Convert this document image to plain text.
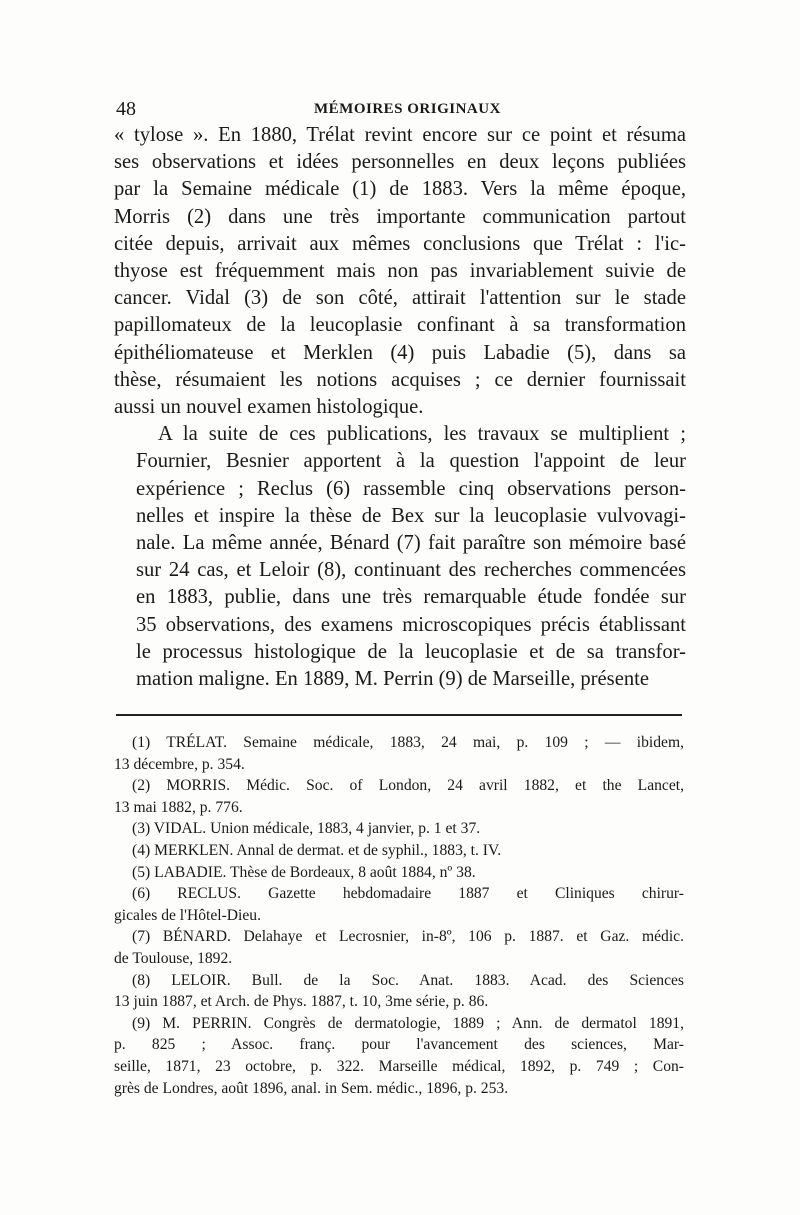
48	MÉMOIRES ORIGINAUX

« tylose ». En 1880, Trélat revint encore sur ce point et résuma
ses observations et idées personnelles en deux leçons publiées
par la Semaine médicale (1) de 1883. Vers la même époque,
Morris (2) dans une très importante communication partout
citée depuis, arrivait aux mêmes conclusions que Trélat : l'ic-
thyose est fréquemment mais non pas invariablement suivie de
cancer. Vidal (3) de son côté, attirait l'attention sur le stade
papillomateux de la leucoplasie confinant à sa transformation
épithéliomateuse et Merklen (4) puis Labadie (5), dans sa
thèse, résumaient les notions acquises ; ce dernier fournissait
aussi un nouvel examen histologique.

A la suite de ces publications, les travaux se multiplient ;
Fournier, Besnier apportent à la question l'appoint de leur
expérience ; Reclus (6) rassemble cinq observations person-
nelles et inspire la thèse de Bex sur la leucoplasie vulvovagi-
nale. La même année, Bénard (7) fait paraître son mémoire basé
sur 24 cas, et Leloir (8), continuant des recherches commencées
en 1883, publie, dans une très remarquable étude fondée sur
35 observations, des examens microscopiques précis établissant
le processus histologique de la leucoplasie et de sa transfor-
mation maligne. En 1889, M. Perrin (9) de Marseille, présente

(1) TRÉLAT. Semaine médicale, 1883, 24 mai, p. 109 ; — ibidem,
13 décembre, p. 354.

(2) MORRIS. Médic. Soc. of London, 24 avril 1882, et the Lancet,
13 mai 1882, p. 776.

(3) VIDAL. Union médicale, 1883, 4 janvier, p. 1 et 37.

(4) MERKLEN. Annal de dermat. et de syphil., 1883, t. IV.

(5) LABADIE. Thèse de Bordeaux, 8 août 1884, nº 38.

(6) RECLUS. Gazette hebdomadaire 1887 et Cliniques chirur-
gicales de l'Hôtel-Dieu.

(7) BÉNARD. Delahaye et Lecrosnier, in-8º, 106 p. 1887. et Gaz. médic.
de Toulouse, 1892.

(8) LELOIR. Bull. de la Soc. Anat. 1883. Acad. des Sciences
13 juin 1887, et Arch. de Phys. 1887, t. 10, 3me série, p. 86.

(9) M. PERRIN. Congrès de dermatologie, 1889 ; Ann. de dermatol 1891,
p. 825 ; Assoc. franç. pour l'avancement des sciences, Mar-
seille, 1871, 23 octobre, p. 322. Marseille médical, 1892, p. 749 ; Con-
grès de Londres, août 1896, anal. in Sem. médic., 1896, p. 253.
